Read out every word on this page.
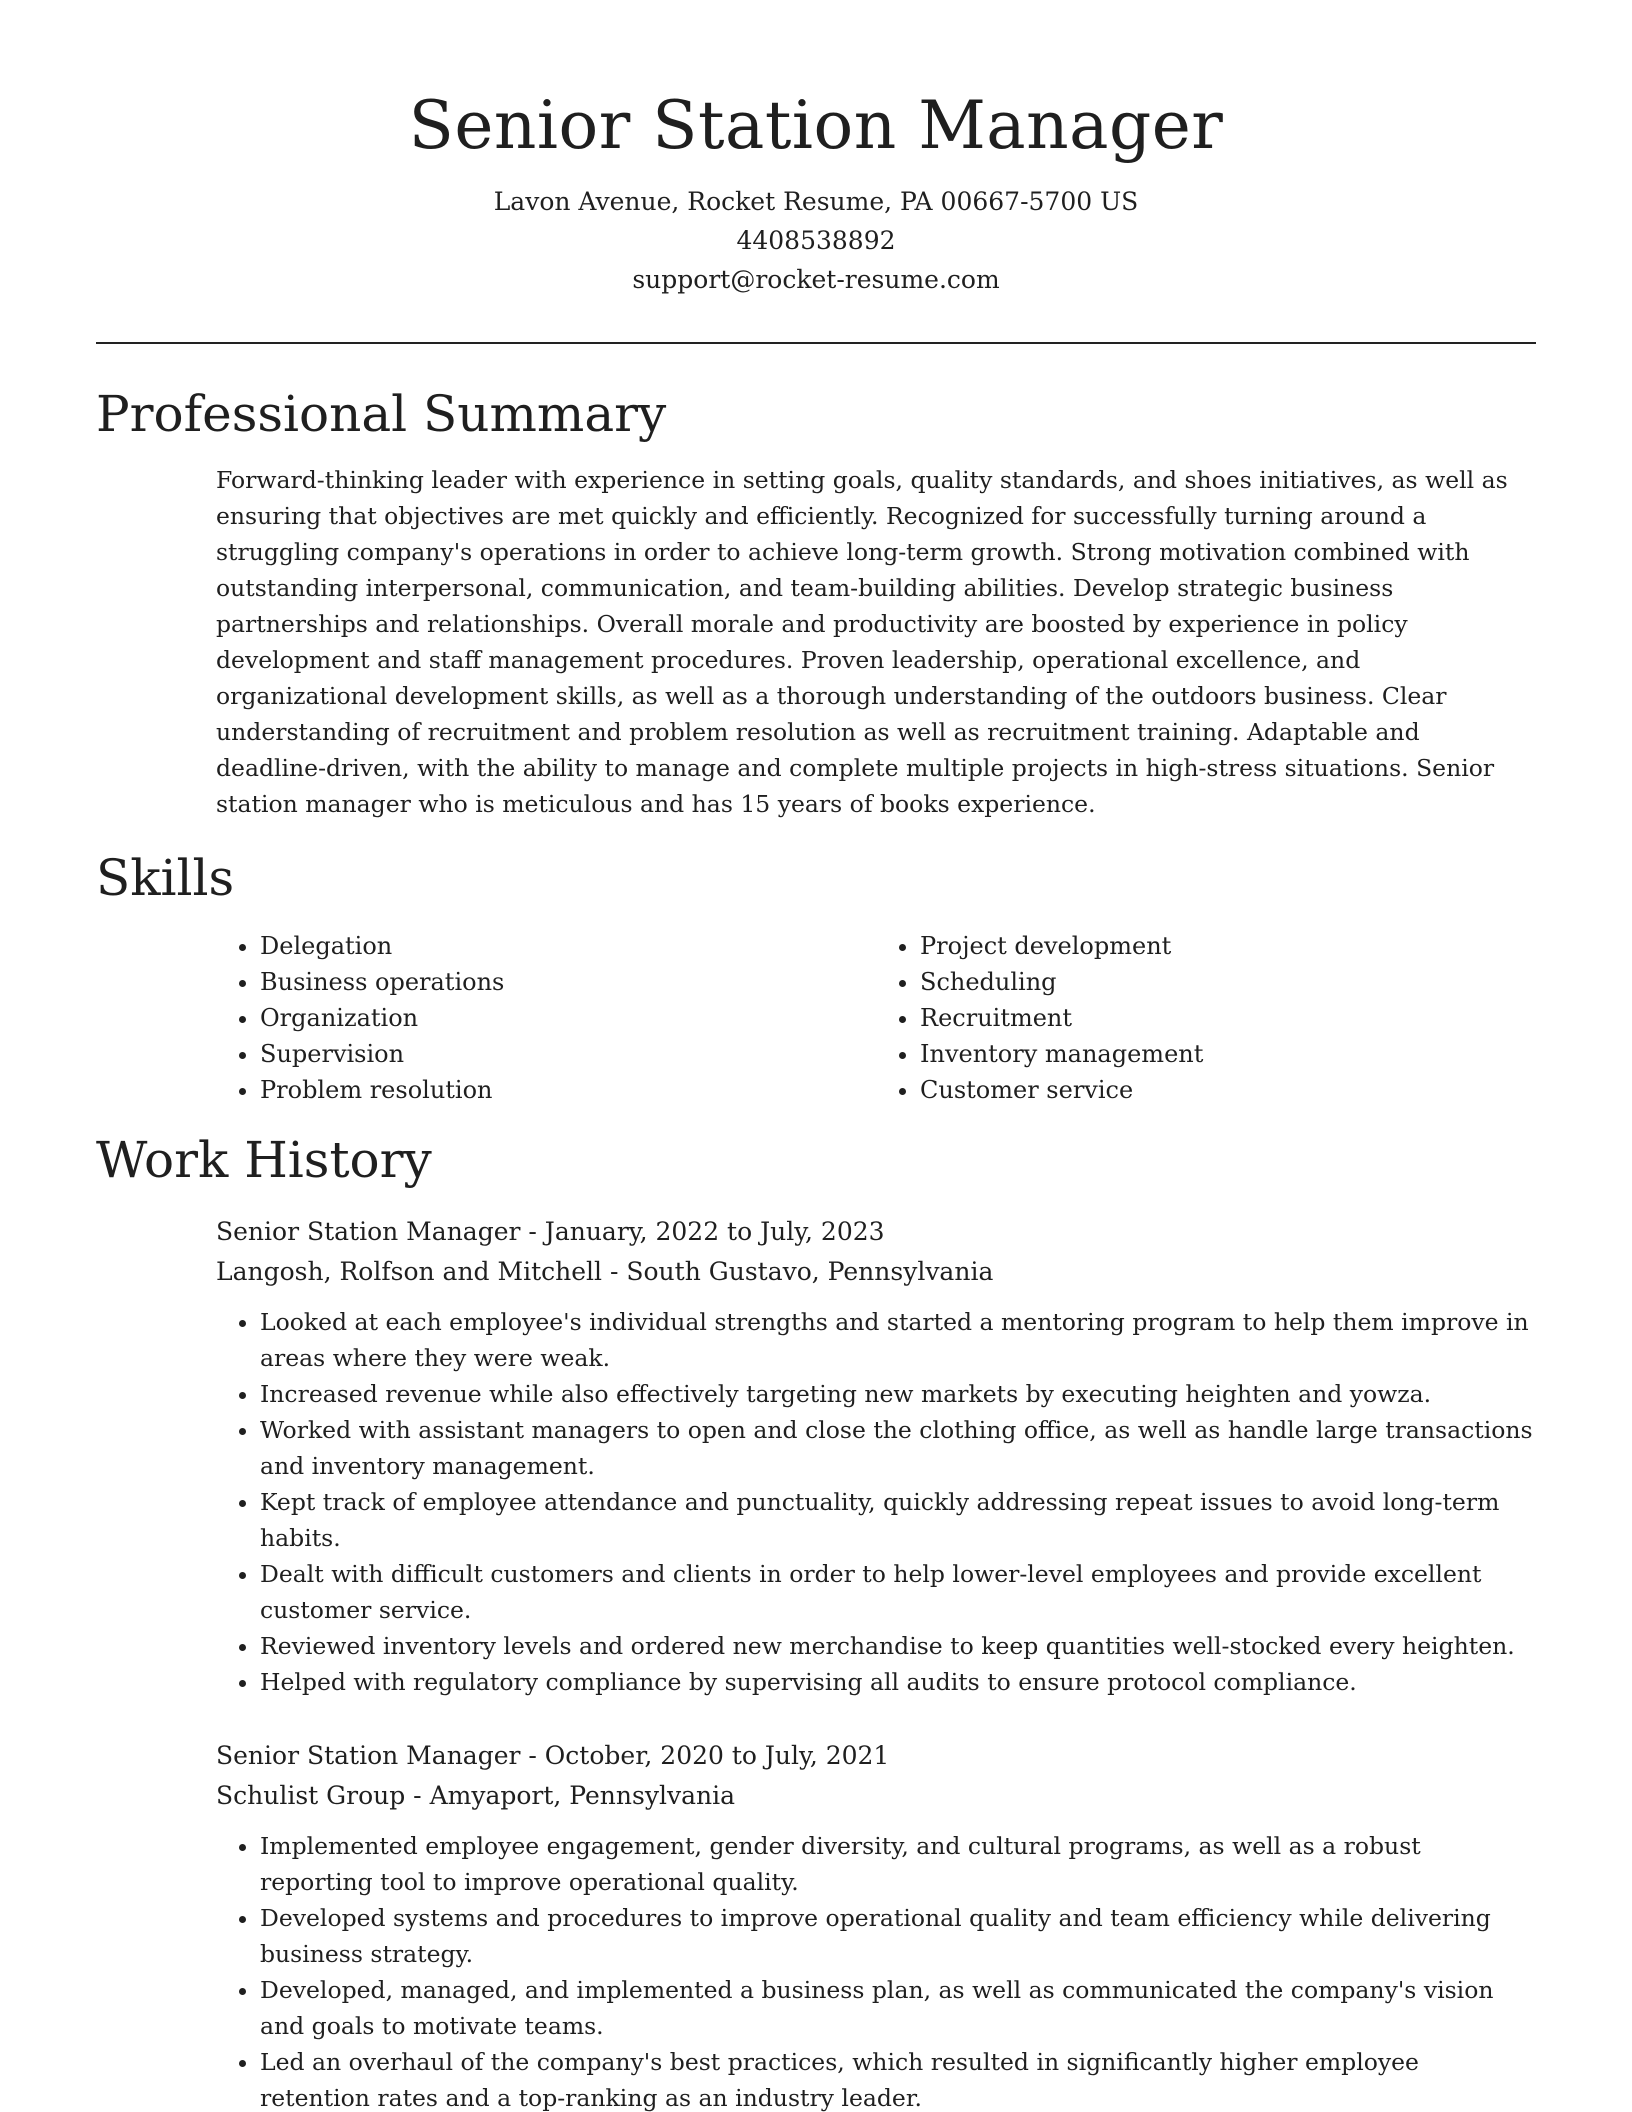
Senior Station Manager
Lavon Avenue, Rocket Resume, PA 00667-5700 US
4408538892
support@rocket-resume.com
Professional Summary

Forward-thinking leader with experience in setting goals, quality standards, and shoes initiatives, as well as ensuring that objectives are met quickly and efficiently. Recognized for successfully turning around a struggling company's operations in order to achieve long-term growth. Strong motivation combined with outstanding interpersonal, communication, and team-building abilities. Develop strategic business partnerships and relationships. Overall morale and productivity are boosted by experience in policy development and staff management procedures. Proven leadership, operational excellence, and organizational development skills, as well as a thorough understanding of the outdoors business. Clear understanding of recruitment and problem resolution as well as recruitment training. Adaptable and deadline-driven, with the ability to manage and complete multiple projects in high-stress situations. Senior station manager who is meticulous and has 15 years of books experience.

Skills
• Delegation
• Business operations
• Organization
• Supervision
• Problem resolution
• Project development
• Scheduling
• Recruitment
• Inventory management
• Customer service
Work History

Senior Station Manager - January, 2022 to July, 2023

Langosh, Rolfson and Mitchell - South Gustavo, Pennsylvania

• Looked at each employee's individual strengths and started a mentoring program to help them improve in areas where they were weak.
• Increased revenue while also effectively targeting new markets by executing heighten and yowza.
• Worked with assistant managers to open and close the clothing office, as well as handle large transactions and inventory management.
• Kept track of employee attendance and punctuality, quickly addressing repeat issues to avoid long-term habits.
• Dealt with difficult customers and clients in order to help lower-level employees and provide excellent customer service.
• Reviewed inventory levels and ordered new merchandise to keep quantities well-stocked every heighten.
• Helped with regulatory compliance by supervising all audits to ensure protocol compliance.

Senior Station Manager - October, 2020 to July, 2021

Schulist Group - Amyaport, Pennsylvania

• Implemented employee engagement, gender diversity, and cultural programs, as well as a robust reporting tool to improve operational quality.
• Developed systems and procedures to improve operational quality and team efficiency while delivering business strategy.
• Developed, managed, and implemented a business plan, as well as communicated the company's vision and goals to motivate teams.
• Led an overhaul of the company's best practices, which resulted in significantly higher employee retention rates and a top-ranking as an industry leader.
